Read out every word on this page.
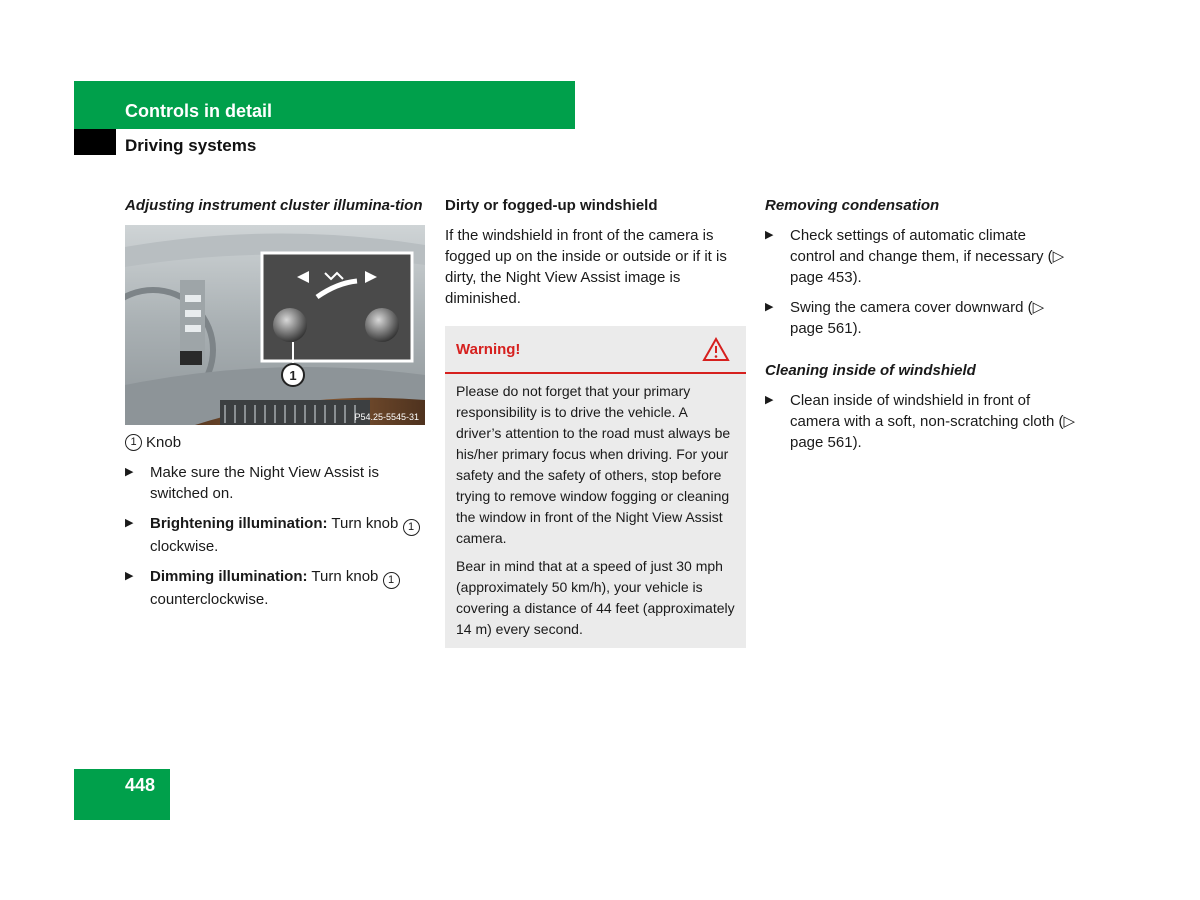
Controls in detail
Driving systems

Adjusting instrument cluster illumina-tion

1
P54.25-5545-31
1 Knob
▶	Make sure the Night View Assist is switched on.
▶	Brightening illumination: Turn knob 1 clockwise.
▶	Dimming illumination: Turn knob 1 counterclockwise.

Dirty or fogged-up windshield

If the windshield in front of the camera is fogged up on the inside or outside or if it is dirty, the Night View Assist image is diminished.

Warning!

Please do not forget that your primary responsibility is to drive the vehicle. A driver’s attention to the road must always be his/her primary focus when driving. For your safety and the safety of others, stop before trying to remove window fogging or cleaning the window in front of the Night View Assist camera.

Bear in mind that at a speed of just 30 mph (approximately 50 km/h), your vehicle is covering a distance of 44 feet (approximately 14 m) every second.

Removing condensation

▶	Check settings of automatic climate control and change them, if necessary (▷ page 453).
▶	Swing the camera cover downward (▷ page 561).

Cleaning inside of windshield

▶	Clean inside of windshield in front of camera with a soft, non-scratching cloth (▷ page 561).
448
